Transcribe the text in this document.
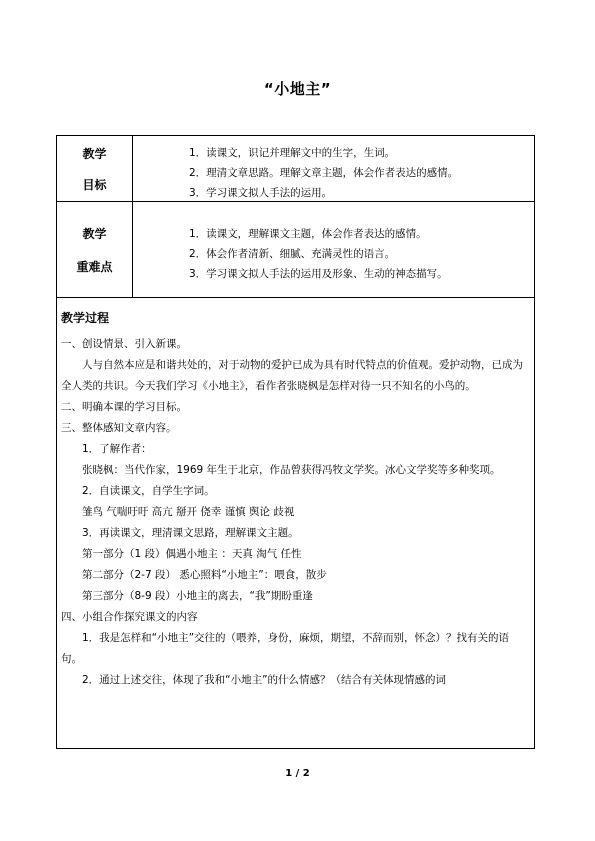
“小地主”
教学
目标
1．读课文，识记并理解文中的生字，生词。
2．理清文章思路。理解文章主题，体会作者表达的感情。
3．学习课文拟人手法的运用。
教学
重难点
1．读课文，理解课文主题，体会作者表达的感情。
2．体会作者清新、细腻、充满灵性的语言。
3．学习课文拟人手法的运用及形象、生动的神态描写。
教学过程
一、创设情景、引入新课。
人与自然本应是和谐共处的，对于动物的爱护已成为具有时代特点的价值观。爱护动物，已成为全人类的共识。今天我们学习《小地主》，看作者张晓枫是怎样对待一只不知名的小鸟的。
二、明确本课的学习目标。
三、整体感知文章内容。
1．了解作者：
张晓枫：当代作家，1969 年生于北京，作品曾获得冯牧文学奖。冰心文学奖等多种奖项。
2．自读课文，自学生字词。
雏鸟 气喘吁吁 高亢 掰开 侥幸 谨慎 舆论 歧视
3．再读课文，理清课文思路，理解课文主题。
第一部分（1 段）偶遇小地主 ：天真 淘气 任性
第二部分（2-7 段） 悉心照料“小地主”：喂食，散步
第三部分（8-9 段）小地主的离去，“我”期盼重逢
四、小组合作探究课文的内容
1．我是怎样和“小地主”交往的（喂养，身份，麻烦，期望，不辞而别，怀念）？找有关的语句。
2．通过上述交往，体现了我和“小地主”的什么情感？（结合有关体现情感的词
1 / 2
